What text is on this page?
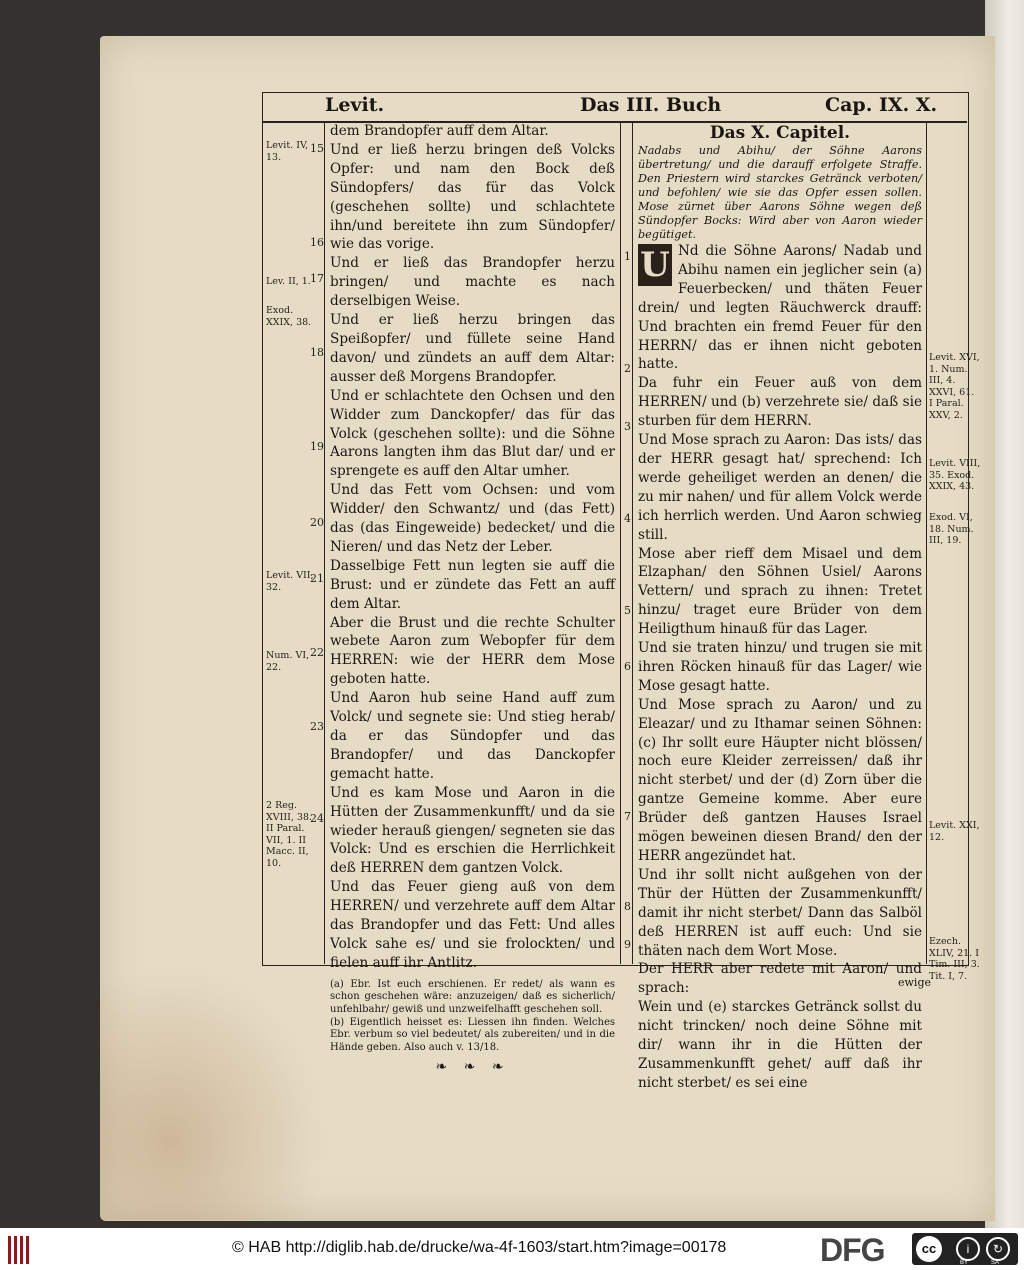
Levit.	Das III. Buch	Cap. IX. X.
Levit. IV, 13.
Lev. II, 1.
Exod. XXIX, 38.
Levit. VII, 32.
Num. VI, 22.
2 Reg. XVIII, 38. II Paral. VII, 1. II Macc. II, 10.
15
16
17
18
19
20
21
22
23
24

dem Brandopfer auff dem Altar.

Und er ließ herzu bringen deß Volcks Opfer: und nam den Bock deß Sündopfers/ das für das Volck (geschehen sollte) und schlachtete ihn/und bereitete ihn zum Sündopfer/ wie das vorige.

Und er ließ das Brandopfer herzu bringen/ und machte es nach derselbigen Weise.

Und er ließ herzu bringen das Speißopfer/ und füllete seine Hand davon/ und zündets an auff dem Altar: ausser deß Morgens Brandopfer.

Und er schlachtete den Ochsen und den Widder zum Danckopfer/ das für das Volck (geschehen sollte): und die Söhne Aarons langten ihm das Blut dar/ und er sprengete es auff den Altar umher.

Und das Fett vom Ochsen: und vom Widder/ den Schwantz/ und (das Fett) das (das Eingeweide) bedecket/ und die Nieren/ und das Netz der Leber.

Dasselbige Fett nun legten sie auff die Brust: und er zündete das Fett an auff dem Altar.

Aber die Brust und die rechte Schulter webete Aaron zum Webopfer für dem HERREN: wie der HERR dem Mose geboten hatte.

Und Aaron hub seine Hand auff zum Volck/ und segnete sie: Und stieg herab/ da er das Sündopfer und das Brandopfer/ und das Danckopfer gemacht hatte.

Und es kam Mose und Aaron in die Hütten der Zusammenkunfft/ und da sie wieder herauß giengen/ segneten sie das Volck: Und es erschien die Herrlichkeit deß HERREN dem gantzen Volck.

Und das Feuer gieng auß von dem HERREN/ und verzehrete auff dem Altar das Brandopfer und das Fett: Und alles Volck sahe es/ und sie frolockten/ und fielen auff ihr Antlitz.

(a) Ebr. Ist euch erschienen. Er redet/ als wann es schon geschehen wäre: anzuzeigen/ daß es sicherlich/ unfehlbahr/ gewiß und unzweifelhafft geschehen soll.

(b) Eigentlich heisset es: Liessen ihn finden. Welches Ebr. verbum so viel bedeutet/ als zubereiten/ und in die Hände geben. Also auch v. 13/18.

❧ ❧ ❧
1
2
3
4
5
6
7
8
9
Das X. Capitel.

Nadabs und Abihu/ der Söhne Aarons übertretung/ und die darauff erfolgete Straffe. Den Priestern wird starckes Getränck verboten/ und befohlen/ wie sie das Opfer essen sollen. Mose zürnet über Aarons Söhne wegen deß Sündopfer Bocks: Wird aber von Aaron wieder begütiget.

U Nd die Söhne Aarons/ Nadab und Abihu namen ein jeglicher sein (a) Feuerbecken/ und thäten Feuer drein/ und legten Räuchwerck drauff: Und brachten ein fremd Feuer für den HERRN/ das er ihnen nicht geboten hatte.

Da fuhr ein Feuer auß von dem HERREN/ und (b) verzehrete sie/ daß sie sturben für dem HERRN.

Und Mose sprach zu Aaron: Das ists/ das der HERR gesagt hat/ sprechend: Ich werde geheiliget werden an denen/ die zu mir nahen/ und für allem Volck werde ich herrlich werden. Und Aaron schwieg still.

Mose aber rieff dem Misael und dem Elzaphan/ den Söhnen Usiel/ Aarons Vettern/ und sprach zu ihnen: Tretet hinzu/ traget eure Brüder von dem Heiligthum hinauß für das Lager.

Und sie traten hinzu/ und trugen sie mit ihren Röcken hinauß für das Lager/ wie Mose gesagt hatte.

Und Mose sprach zu Aaron/ und zu Eleazar/ und zu Ithamar seinen Söhnen: (c) Ihr sollt eure Häupter nicht blössen/ noch eure Kleider zerreissen/ daß ihr nicht sterbet/ und der (d) Zorn über die gantze Gemeine komme. Aber eure Brüder deß gantzen Hauses Israel mögen beweinen diesen Brand/ den der HERR angezündet hat.

Und ihr sollt nicht außgehen von der Thür der Hütten der Zusammenkunfft/ damit ihr nicht sterbet/ Dann das Salböl deß HERREN ist auff euch: Und sie thäten nach dem Wort Mose.

Der HERR aber redete mit Aaron/ und sprach:

Wein und (e) starckes Getränck sollst du nicht trincken/ noch deine Söhne mit dir/ wann ihr in die Hütten der Zusammenkunfft gehet/ auff daß ihr nicht sterbet/ es sei eine

Levit. XVI, 1. Num. III, 4. XXVI, 61. I Paral. XXV, 2.
Levit. VIII, 35. Exod. XXIX, 43.
Exod. VI, 18. Num. III, 19.
Levit. XXI, 12.
Ezech. XLIV, 21. I Tim. III, 3. Tit. I, 7.
ewige
© HAB http://diglib.hab.de/drucke/wa-4f-1603/start.htm?image=00178	DFG	cc	i	↻
BY	SA
